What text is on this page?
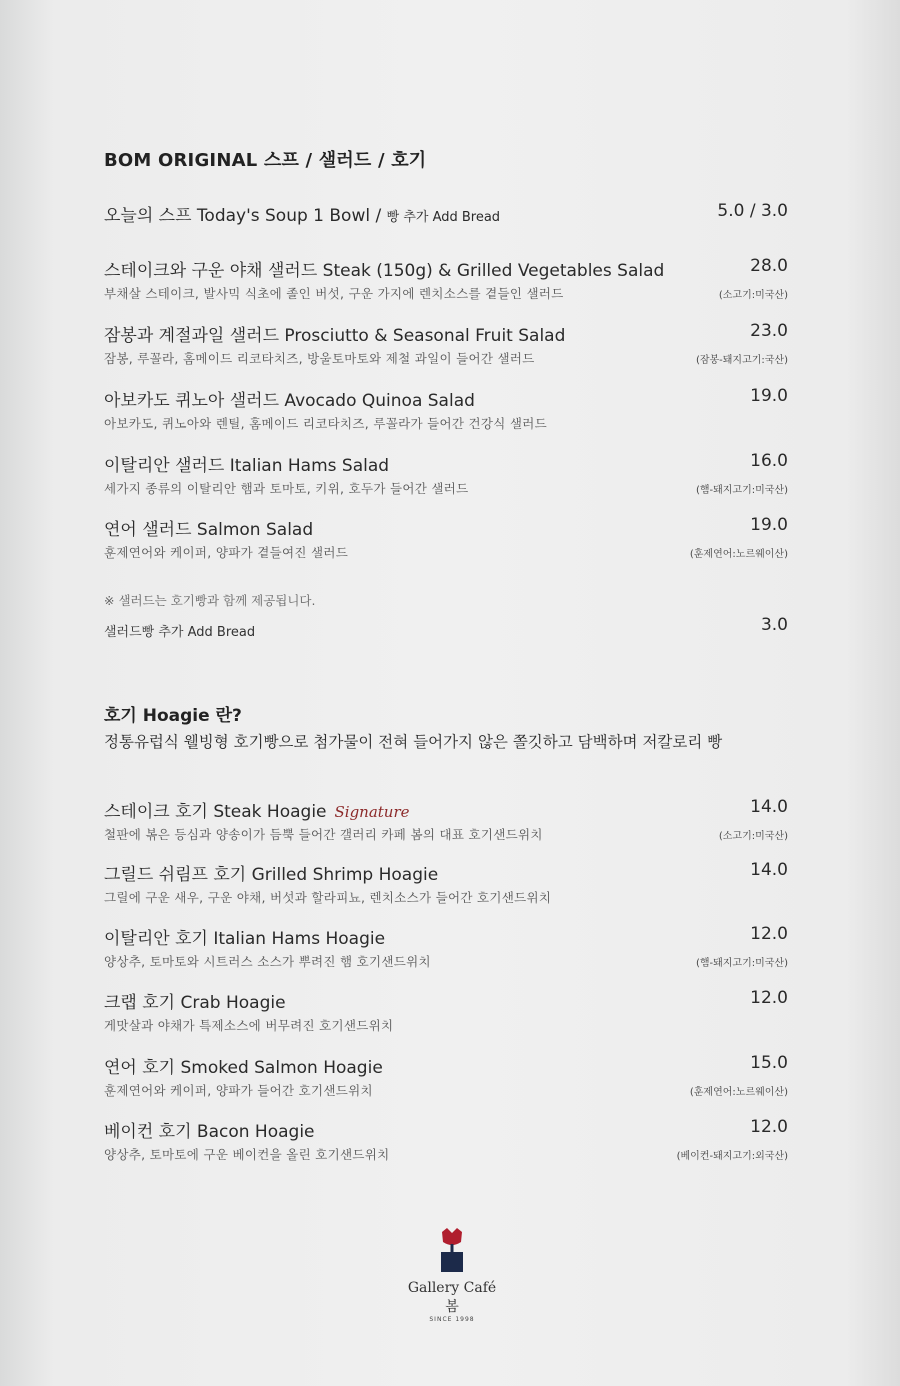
BOM ORIGINAL 스프 / 샐러드 / 호기
오늘의 스프 Today's Soup 1 Bowl / 빵 추가 Add Bread	5.0 / 3.0
스테이크와 구운 야채 샐러드 Steak (150g) & Grilled Vegetables Salad	28.0
부채살 스테이크, 발사믹 식초에 졸인 버섯, 구운 가지에 렌치소스를 곁들인 샐러드	(소고기:미국산)
잠봉과 계절과일 샐러드 Prosciutto & Seasonal Fruit Salad	23.0
잠봉, 루꼴라, 홈메이드 리코타치즈, 방울토마토와 제철 과일이 들어간 샐러드	(잠봉-돼지고기:국산)
아보카도 퀴노아 샐러드 Avocado Quinoa Salad	19.0
아보카도, 퀴노아와 렌틸, 홈메이드 리코타치즈, 루꼴라가 들어간 건강식 샐러드
이탈리안 샐러드 Italian Hams Salad	16.0
세가지 종류의 이탈리안 햄과 토마토, 키위, 호두가 들어간 샐러드	(햄-돼지고기:미국산)
연어 샐러드 Salmon Salad	19.0
훈제연어와 케이퍼, 양파가 곁들여진 샐러드	(훈제연어:노르웨이산)
※ 샐러드는 호기빵과 함께 제공됩니다.
샐러드빵 추가 Add Bread	3.0
호기 Hoagie 란?
정통유럽식 웰빙형 호기빵으로 첨가물이 전혀 들어가지 않은 쫄깃하고 담백하며 저칼로리 빵
스테이크 호기 Steak Hoagie Signature	14.0
철판에 볶은 등심과 양송이가 듬뿍 들어간 갤러리 카페 봄의 대표 호기샌드위치	(소고기:미국산)
그릴드 쉬림프 호기 Grilled Shrimp Hoagie	14.0
그릴에 구운 새우, 구운 야채, 버섯과 할라피뇨, 렌치소스가 들어간 호기샌드위치
이탈리안 호기 Italian Hams Hoagie	12.0
양상추, 토마토와 시트러스 소스가 뿌려진 햄 호기샌드위치	(햄-돼지고기:미국산)
크랩 호기 Crab Hoagie	12.0
게맛살과 야채가 특제소스에 버무려진 호기샌드위치
연어 호기 Smoked Salmon Hoagie	15.0
훈제연어와 케이퍼, 양파가 들어간 호기샌드위치	(훈제연어:노르웨이산)
베이컨 호기 Bacon Hoagie	12.0
양상추, 토마토에 구운 베이컨을 올린 호기샌드위치	(베이컨-돼지고기:외국산)
Gallery Café 봄
SINCE 1998
